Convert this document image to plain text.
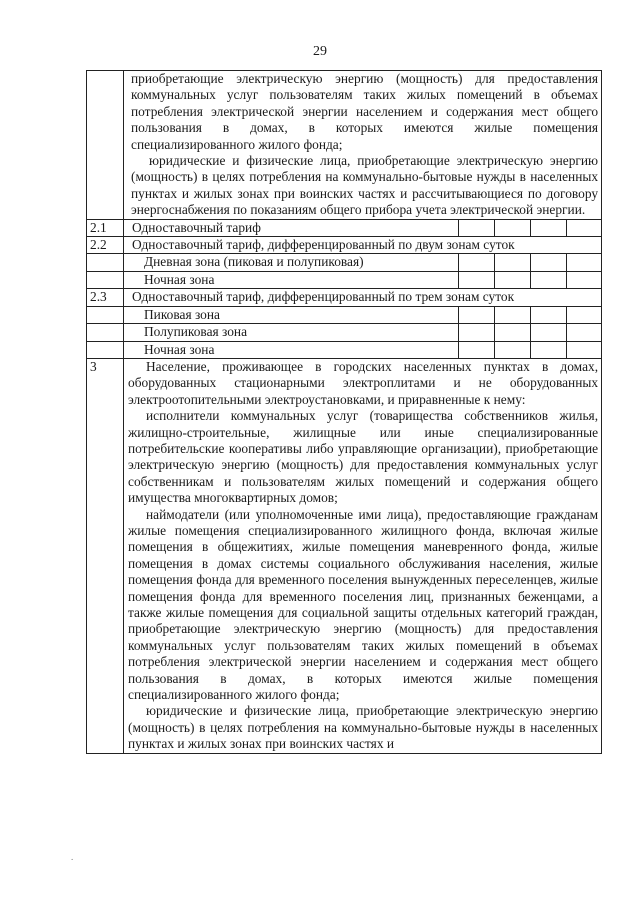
29

	приобретающие электрическую энергию (мощность) для предоставления коммунальных услуг пользователям таких жилых помещений в объемах потребления электрической энергии населением и содержания мест общего пользования в домах, в которых имеются жилые помещения специализированного жилого фонда;
юридические и физические лица, приобретающие электрическую энергию (мощность) в целях потребления на коммунально-бытовые нужды в населенных пунктах и жилых зонах при воинских частях и рассчитывающиеся по договору энергоснабжения по показаниям общего прибора учета электрической энергии.				

2.1	Одноставочный тариф				
2.2	Одноставочный тариф, дифференцированный по двум зонам суток				
	Дневная зона (пиковая и полупиковая)				
	Ночная зона				
2.3	Одноставочный тариф, дифференцированный по трем зонам суток				
	Пиковая зона				
	Полупиковая зона				
	Ночная зона				
3	Население, проживающее в городских населенных пунктах в домах, оборудованных стационарными электроплитами и не оборудованных электроотопительными электроустановками, и приравненные к нему:
исполнители коммунальных услуг (товарищества собственников жилья, жилищно-строительные, жилищные или иные специализированные потребительские кооперативы либо управляющие организации), приобретающие электрическую энергию (мощность) для предоставления коммунальных услуг собственникам и пользователям жилых помещений и содержания общего имущества многоквартирных домов;
наймодатели (или уполномоченные ими лица), предоставляющие гражданам жилые помещения специализированного жилищного фонда, включая жилые помещения в общежитиях, жилые помещения маневренного фонда, жилые помещения в домах системы социального обслуживания населения, жилые помещения фонда для временного поселения вынужденных переселенцев, жилые помещения фонда для временного поселения лиц, признанных беженцами, а также жилые помещения для социальной защиты отдельных категорий граждан, приобретающие электрическую энергию (мощность) для предоставления коммунальных услуг пользователям таких жилых помещений в объемах потребления электрической энергии населением и содержания мест общего пользования в домах, в которых имеются жилые помещения специализированного жилого фонда;
юридические и физические лица, приобретающие электрическую энергию (мощность) в целях потребления на коммунально-бытовые нужды в населенных пунктах и жилых зонах при воинских частях и				
.
